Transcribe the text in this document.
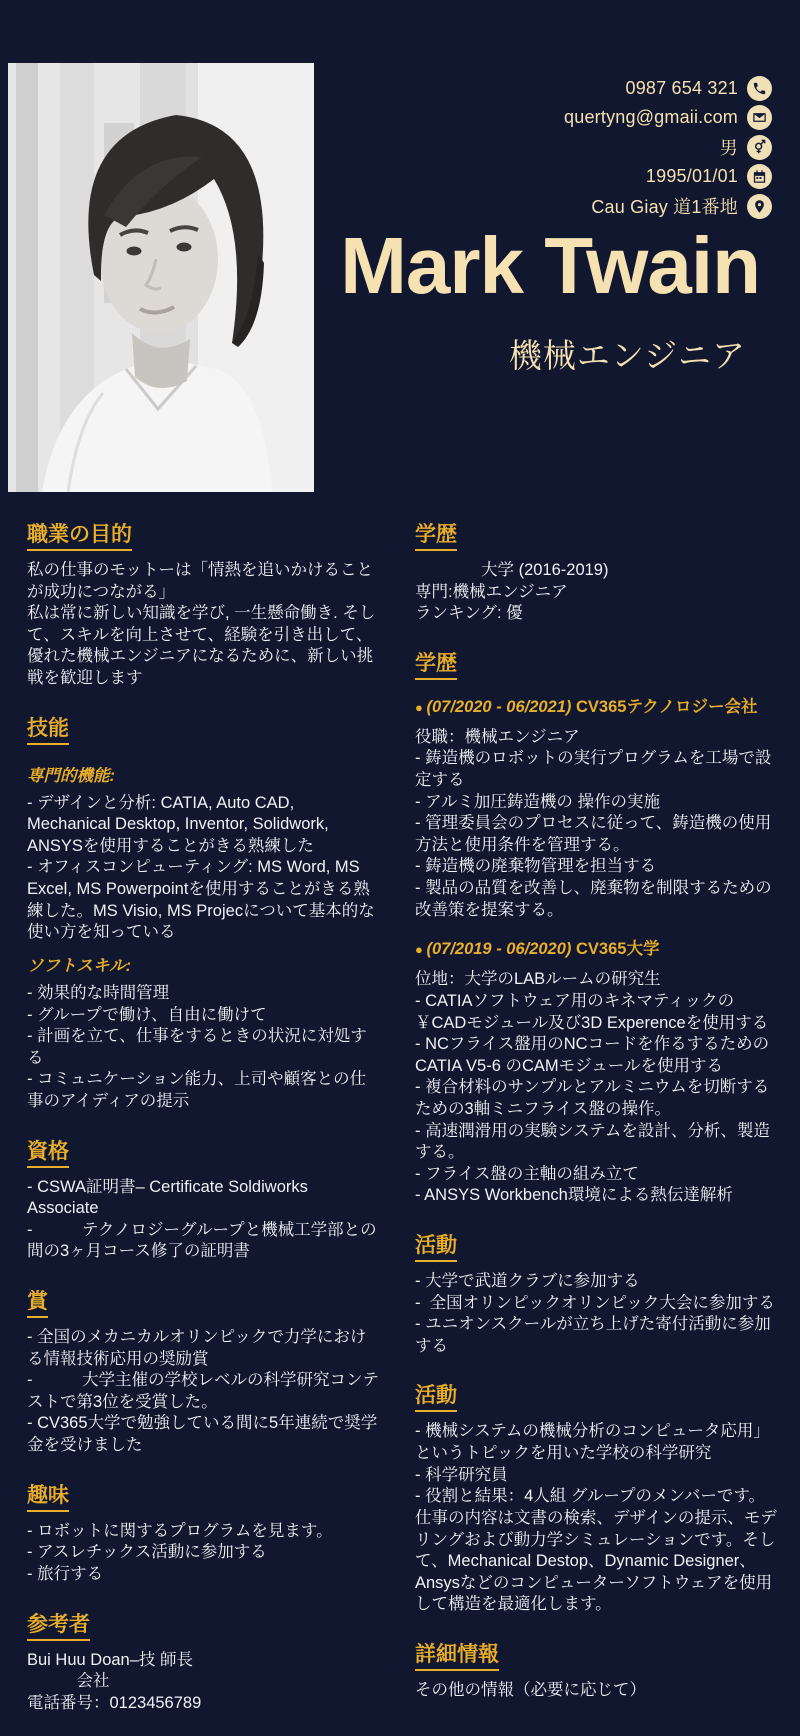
0987 654 321
quertyng@gmaii.com
男
1995/01/01
Cau Giay 道1番地
Mark Twain
機械エンジニア
職業の目的
私の仕事のモットーは「情熱を追いかけることが成功につながる」
私は常に新しい知識を学び, 一生懸命働き. そして、スキルを向上させて、経験を引き出して、優れた機械エンジニアになるために、新しい挑戦を歓迎します
技能
専門的機能:
- デザインと分析: CATIA, Auto CAD, Mechanical Desktop, Inventor, Solidwork, ANSYSを使用することがきる熟練した
- オフィスコンピューティング: MS Word, MS Excel, MS Powerpointを使用することがきる熟練した。MS Visio, MS Projecについて基本的な使い方を知っている
ソフトスキル:
- 効果的な時間管理
- グループで働け、自由に働けて
- 計画を立て、仕事をするときの状況に対処する
- コミュニケーション能力、上司や顧客との仕事のアイディアの提示
資格
- CSWA証明書– Certificate Soldiworks Associate
-　　　テクノロジーグループと機械工学部との間の3ヶ月コース修了の証明書
賞
- 全国のメカニカルオリンピックで力学における情報技術応用の奨励賞
-　　　大学主催の学校レベルの科学研究コンテストで第3位を受賞した。
- CV365大学で勉強している間に5年連続で奨学金を受けました
趣味
- ロボットに関するプログラムを見ます。
- アスレチックス活動に参加する
- 旅行する
参考者
Bui Huu Doan–技 師長
　　　会社
電話番号：0123456789
学歴
　　　　大学 (2016-2019)
専門:機械エンジニア
ランキング: 優
学歴
● (07/2020 - 06/2021) CV365テクノロジー会社
役職：機械エンジニア
- 鋳造機のロボットの実行プログラムを工場で設定する
- アルミ加圧鋳造機の 操作の実施
- 管理委員会のプロセスに従って、鋳造機の使用方法と使用条件を管理する。
- 鋳造機の廃棄物管理を担当する
- 製品の品質を改善し、廃棄物を制限するための改善策を提案する。
● (07/2019 - 06/2020) CV365大学
位地：大学のLABルームの研究生
- CATIAソフトウェア用のキネマティックの￥CADモジュール及び3D Experenceを使用する
- NCフライス盤用のNCコードを作るするためのCATIA V5-6 のCAMモジュールを使用する
- 複合材料のサンプルとアルミニウムを切断するための3軸ミニフライス盤の操作。
- 高速潤滑用の実験システムを設計、分析、製造する。
- フライス盤の主軸の組み立て
- ANSYS Workbench環境による熱伝達解析
活動
- 大学で武道クラブに参加する
-  全国オリンピックオリンピック大会に参加する
- ユニオンスクールが立ち上げた寄付活動に参加する
活動
- 機械システムの機械分析のコンピュータ応用」というトピックを用いた学校の科学研究
- 科学研究員
- 役割と結果：4人組 グループのメンバーです。仕事の内容は文書の検索、デザインの提示、モデリングおよび動力学シミュレーションです。そして、Mechanical Destop、Dynamic Designer、Ansysなどのコンピューターソフトウェアを使用して構造を最適化します。
詳細情報
その他の情報（必要に応じて）
